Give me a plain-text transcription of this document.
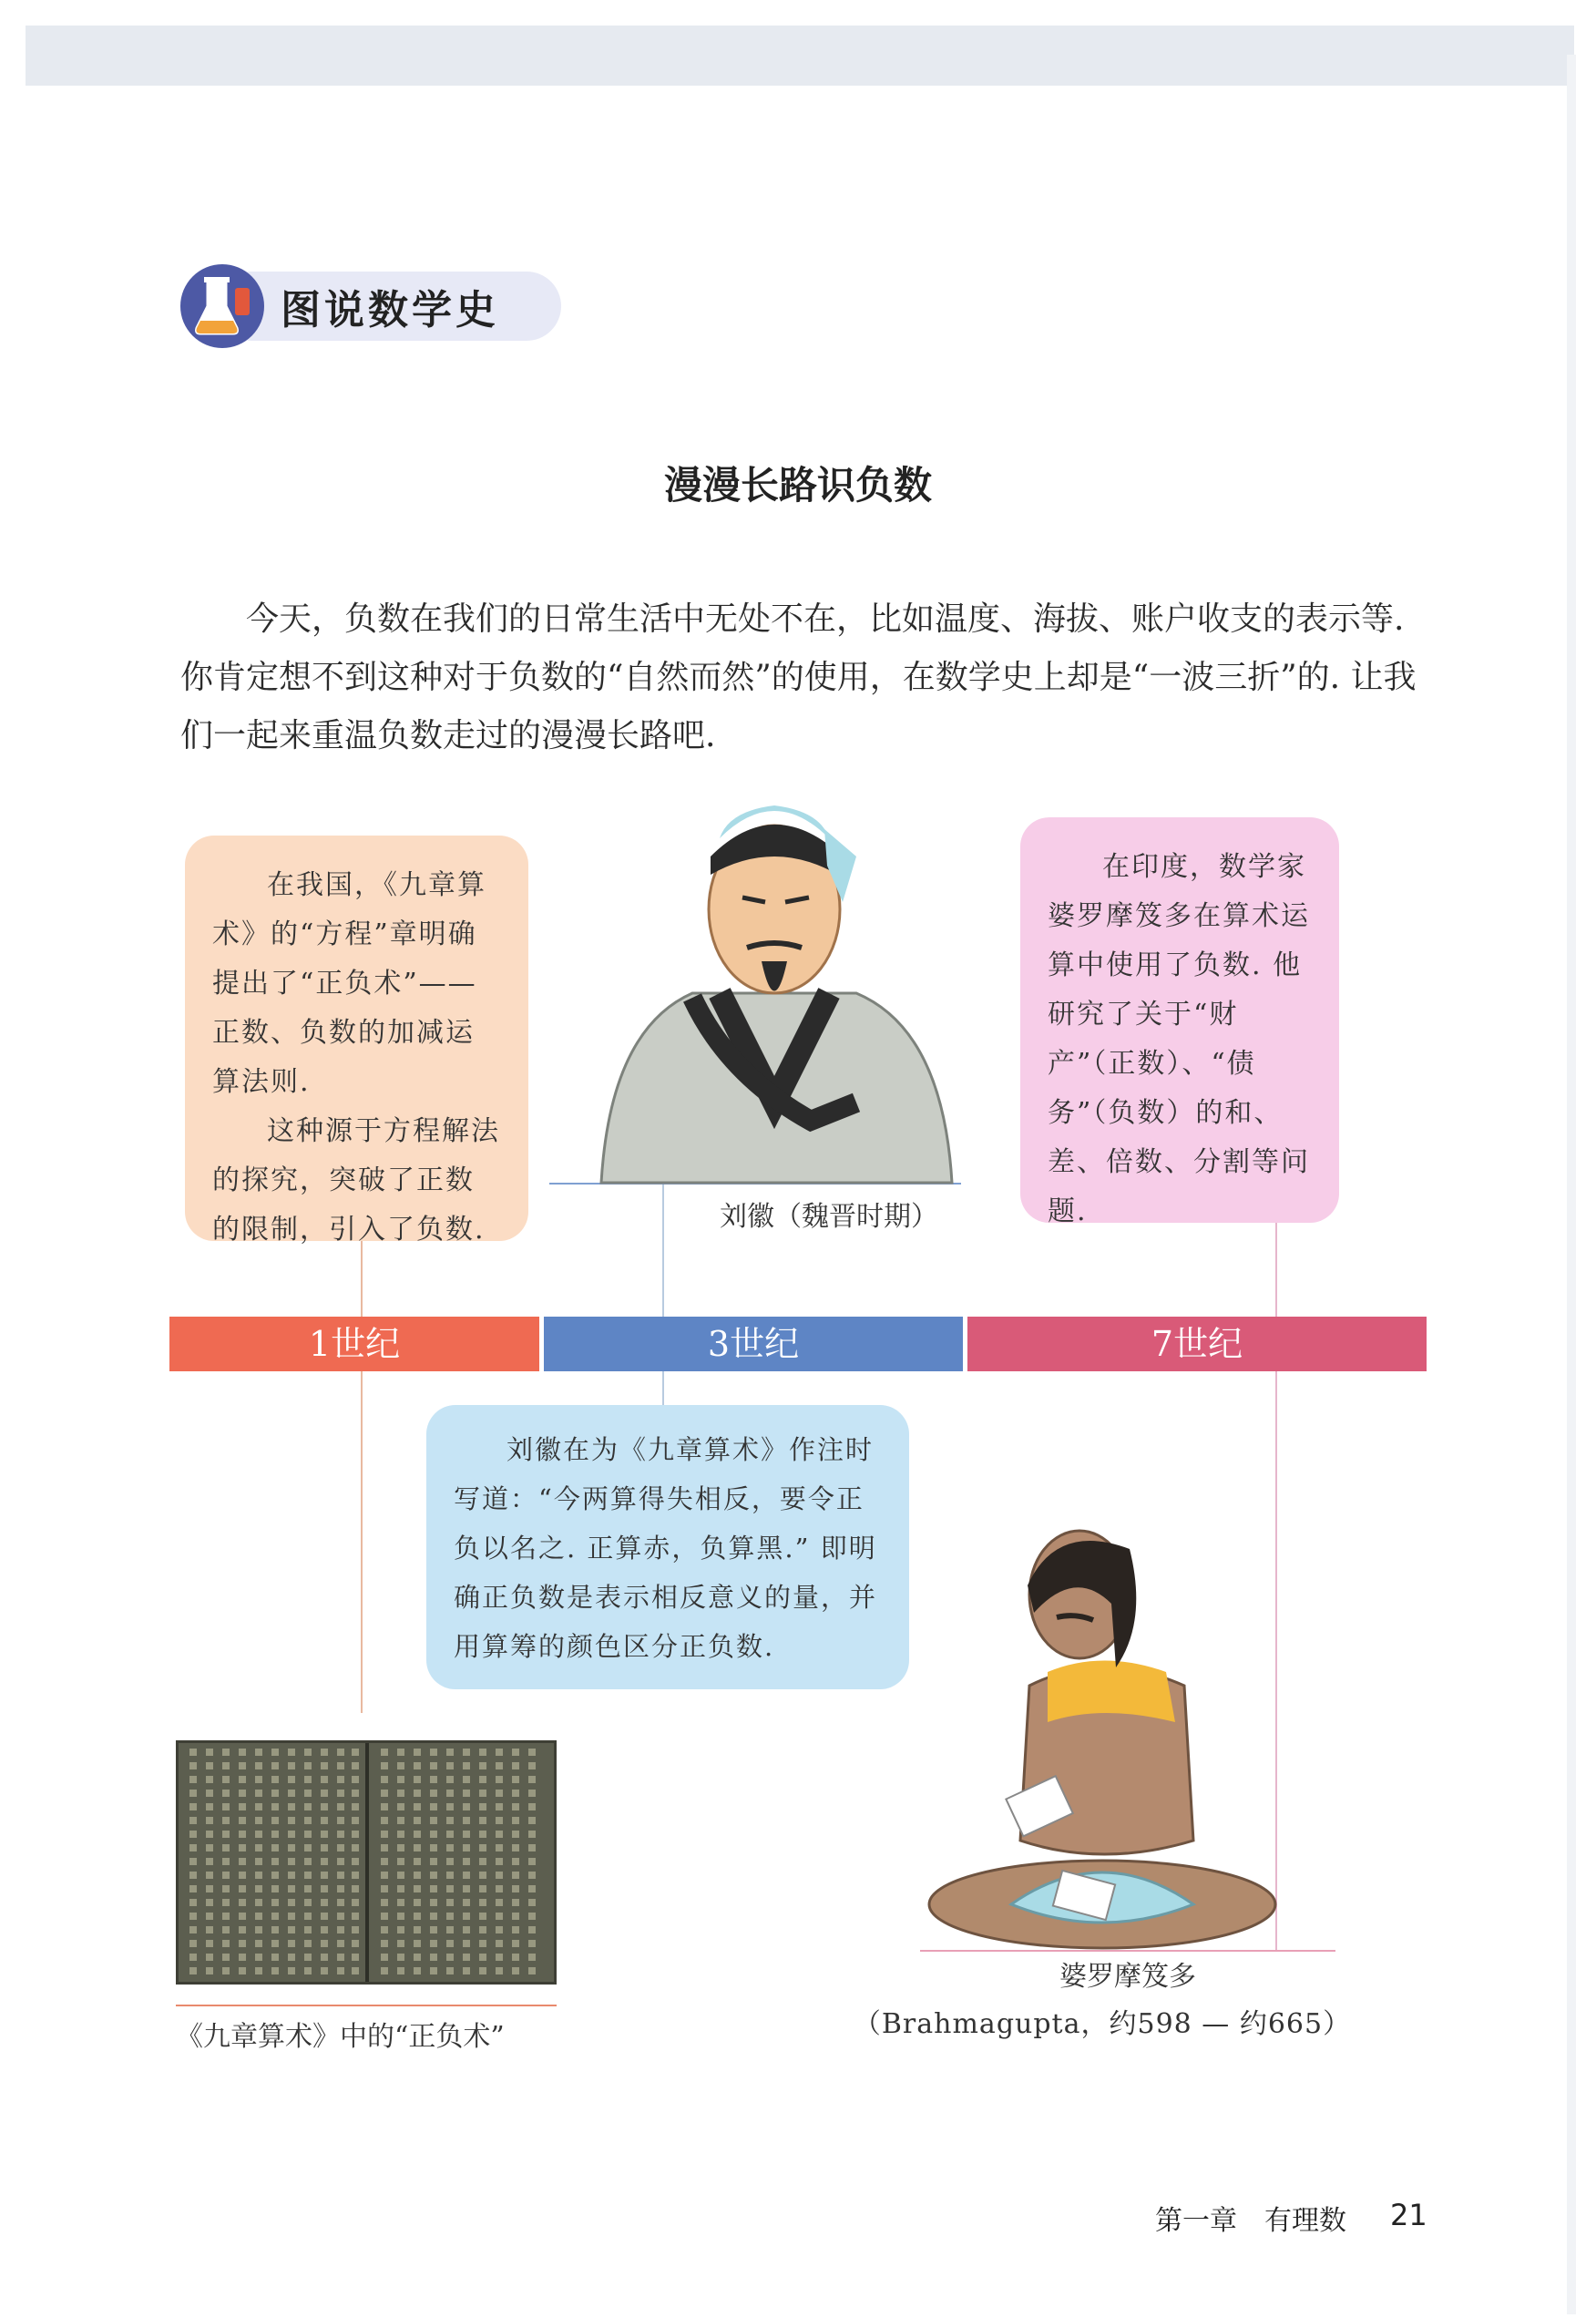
图说数学史
漫漫长路识负数

今天，负数在我们的日常生活中无处不在，比如温度、海拔、账户收支的表示等. 你肯定想不到这种对于负数的“自然而然”的使用，在数学史上却是“一波三折”的. 让我们一起来重温负数走过的漫漫长路吧.

在我国，《九章算术》的“方程”章明确提出了“正负术”——正数、负数的加减运算法则.

这种源于方程解法的探究，突破了正数的限制，引入了负数.

在印度，数学家婆罗摩笈多在算术运算中使用了负数. 他研究了关于“财产”（正数）、“债务”（负数）的和、差、倍数、分割等问题.

刘徽在为《九章算术》作注时写道：“今两算得失相反，要令正负以名之. 正算赤，负算黑.” 即明确正负数是表示相反意义的量，并用算筹的颜色区分正负数.

1世纪	3世纪	7世纪
刘徽（魏晋时期）
《九章算术》中的“正负术”
婆罗摩笈多
（Brahmagupta，约598 — 约665）
第一章　有理数 21
